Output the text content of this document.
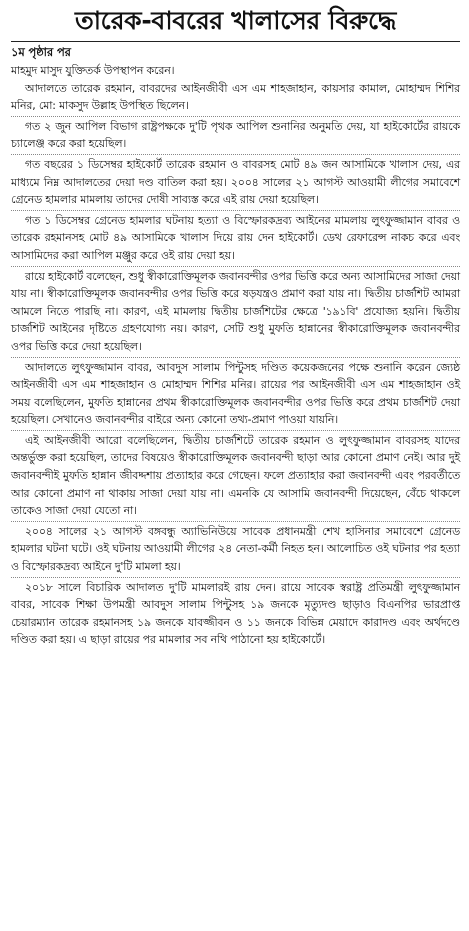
তারেক-বাবরের খালাসের বিরুদ্ধে
১ম পৃষ্ঠার পর

মাহমুদ মাসুদ যুক্তিতর্ক উপস্থাপন করেন।

আদালতে তারেক রহমান, বাবরদের আইনজীবী এস এম শাহজাহান, কায়সার কামাল, মোহাম্মদ শিশির মনির, মো: মাকসুদ উল্লাহ উপস্থিত ছিলেন।

গত ২ জুন আপিল বিভাগ রাষ্ট্রপক্ষকে দু'টি পৃথক আপিল শুনানির অনুমতি দেয়, যা হাইকোর্টের রায়কে চ্যালেঞ্জ করে করা হয়েছিল।

গত বছরের ১ ডিসেম্বর হাইকোর্ট তারেক রহমান ও বাবরসহ মোট ৪৯ জন আসামিকে খালাস দেয়, এর মাধ্যমে নিম্ন আদালতের দেয়া দণ্ড বাতিল করা হয়। ২০০৪ সালের ২১ আগস্ট আওয়ামী লীগের সমাবেশে গ্রেনেড হামলার মামলায় তাদের দোষী সাব্যস্ত করে এই রায় দেয়া হয়েছিল।

গত ১ ডিসেম্বর গ্রেনেড হামলার ঘটনায় হত্যা ও বিস্ফোরকদ্রব্য আইনের মামলায় লুৎফুজ্জামান বাবর ও তারেক রহমানসহ মোট ৪৯ আসামিকে খালাস দিয়ে রায় দেন হাইকোর্ট। ডেথ রেফারেন্স নাকচ করে এবং আসামিদের করা আপিল মঞ্জুর করে ওই রায় দেয়া হয়।

রায়ে হাইকোর্ট বলেছেন, শুধু স্বীকারোক্তিমূলক জবানবন্দীর ওপর ভিত্তি করে অন্য আসামিদের সাজা দেয়া যায় না। স্বীকারোক্তিমূলক জবানবন্দীর ওপর ভিত্তি করে ষড়যন্ত্রও প্রমাণ করা যায় না। দ্বিতীয় চার্জশিট আমরা আমলে নিতে পারছি না। কারণ, এই মামলায় দ্বিতীয় চার্জশিটের ক্ষেত্রে '১৯১বি' প্রযোজ্য হয়নি। দ্বিতীয় চার্জশিট আইনের দৃষ্টিতে গ্রহণযোগ্য নয়। কারণ, সেটি শুধু মুফতি হান্নানের স্বীকারোক্তিমূলক জবানবন্দীর ওপর ভিত্তি করে দেয়া হয়েছিল।

আদালতে লুৎফুজ্জামান বাবর, আবদুস সালাম পিন্টুসহ দণ্ডিত কয়েকজনের পক্ষে শুনানি করেন জ্যেষ্ঠ আইনজীবী এস এম শাহজাহান ও মোহাম্মদ শিশির মনির। রায়ের পর আইনজীবী এস এম শাহজাহান ওই সময় বলেছিলেন, মুফতি হান্নানের প্রথম স্বীকারোক্তিমূলক জবানবন্দীর ওপর ভিত্তি করে প্রথম চার্জশিট দেয়া হয়েছিল। সেখানেও জবানবন্দীর বাইরে অন্য কোনো তথ্য-প্রমাণ পাওয়া যায়নি।

এই আইনজীবী আরো বলেছিলেন, দ্বিতীয় চার্জশিটে তারেক রহমান ও লুৎফুজ্জামান বাবরসহ যাদের অন্তর্ভুক্ত করা হয়েছিল, তাদের বিষয়েও স্বীকারোক্তিমূলক জবানবন্দী ছাড়া আর কোনো প্রমাণ নেই। আর দুই জবানবন্দীই মুফতি হান্নান জীবদ্দশায় প্রত্যাহার করে গেছেন। ফলে প্রত্যাহার করা জবানবন্দী এবং পরবর্তীতে আর কোনো প্রমাণ না থাকায় সাজা দেয়া যায় না। এমনকি যে আসামি জবানবন্দী দিয়েছেন, বেঁচে থাকলে তাকেও সাজা দেয়া যেতো না।

২০০৪ সালের ২১ আগস্ট বঙ্গবন্ধু অ্যাভিনিউয়ে সাবেক প্রধানমন্ত্রী শেখ হাসিনার সমাবেশে গ্রেনেড হামলার ঘটনা ঘটে। ওই ঘটনায় আওয়ামী লীগের ২৪ নেতা-কর্মী নিহত হন। আলোচিত ওই ঘটনার পর হত্যা ও বিস্ফোরকদ্রব্য আইনে দু'টি মামলা হয়।

২০১৮ সালে বিচারিক আদালত দু'টি মামলারই রায় দেন। রায়ে সাবেক স্বরাষ্ট্র প্রতিমন্ত্রী লুৎফুজ্জামান বাবর, সাবেক শিক্ষা উপমন্ত্রী আবদুস সালাম পিন্টুসহ ১৯ জনকে মৃত্যুদণ্ড ছাড়াও বিএনপির ভারপ্রাপ্ত চেয়ারম্যান তারেক রহমানসহ ১৯ জনকে যাবজ্জীবন ও ১১ জনকে বিভিন্ন মেয়াদে কারাদণ্ড এবং অর্থদণ্ডে দণ্ডিত করা হয়। এ ছাড়া রায়ের পর মামলার সব নথি পাঠানো হয় হাইকোর্টে।
